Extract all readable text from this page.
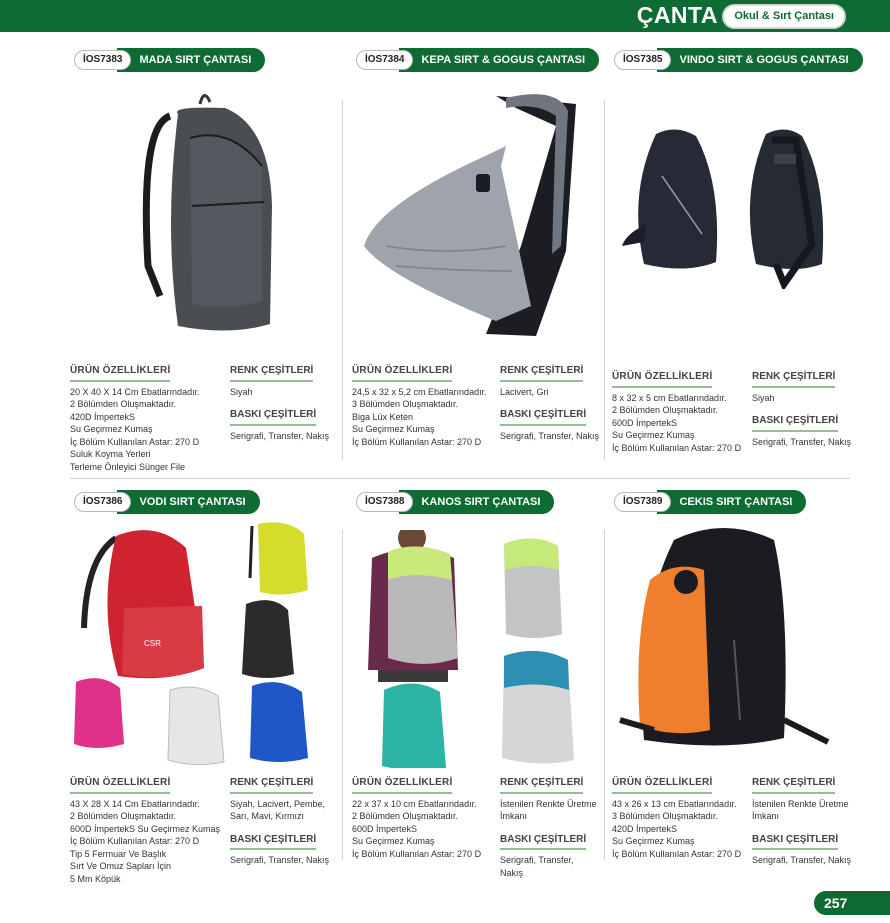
ÇANTA	Okul & Sırt Çantası
İOS7383	MADA SIRT ÇANTASI
ÜRÜN ÖZELLİKLERİ
20 X 40 X 14 Cm Ebatlarındadır.
2 Bölümden Oluşmaktadır.
420D İmpertekS
Su Geçirmez Kumaş
İç Bölüm Kullanılan Astar: 270 D
Suluk Koyma Yerleri
Terleme Önleyici Sünger File
RENK ÇEŞİTLERİ
Siyah
BASKI ÇEŞİTLERİ
Serigrafi, Transfer, Nakış
İOS7384	KEPA SIRT & GOGUS ÇANTASI
ÜRÜN ÖZELLİKLERİ
24,5 x 32 x 5,2 cm Ebatlarındadır.
3 Bölümden Oluşmaktadır.
Biga Lüx Keten
Su Geçirmez Kumaş
İç Bölüm Kullanılan Astar: 270 D
RENK ÇEŞİTLERİ
Lacivert, Gri
BASKI ÇEŞİTLERİ
Serigrafi, Transfer, Nakış
İOS7385	VINDO SIRT & GOGUS ÇANTASI
ÜRÜN ÖZELLİKLERİ
8 x 32 x 5 cm Ebatlarındadır.
2 Bölümden Oluşmaktadır.
600D İmpertekS
Su Geçirmez Kumaş
İç Bölüm Kullanılan Astar: 270 D
RENK ÇEŞİTLERİ
Siyah
BASKI ÇEŞİTLERİ
Serigrafi, Transfer, Nakış
İOS7386	VODI SIRT ÇANTASI
CSR
ÜRÜN ÖZELLİKLERİ
43 X 28 X 14 Cm Ebatlarındadır.
2 Bölümden Oluşmaktadır.
600D İmpertekS Su Geçirmez Kumaş
İç Bölüm Kullanılan Astar: 270 D
Tip 5 Fermuar Ve Başlık
Sırt Ve Omuz Sapları İçin
5 Mm Köpük
RENK ÇEŞİTLERİ
Siyah, Lacivert, Pembe, Sarı, Mavi, Kırmızı
BASKI ÇEŞİTLERİ
Serigrafi, Transfer, Nakış
İOS7388	KANOS SIRT ÇANTASI
ÜRÜN ÖZELLİKLERİ
22 x 37 x 10 cm Ebatlarındadır.
2 Bölümden Oluşmaktadır.
600D İmpertekS
Su Geçirmez Kumaş
İç Bölüm Kullanılan Astar: 270 D
RENK ÇEŞİTLERİ
İstenilen Renkte Üretme İmkanı
BASKI ÇEŞİTLERİ
Serigrafi, Transfer, Nakış
İOS7389	CEKIS SIRT ÇANTASI
ÜRÜN ÖZELLİKLERİ
43 x 26 x 13 cm Ebatlarındadır.
3 Bölümden Oluşmaktadır.
420D İmpertekS
Su Geçirmez Kumaş
İç Bölüm Kullanılan Astar: 270 D
RENK ÇEŞİTLERİ
İstenilen Renkte Üretme İmkanı
BASKI ÇEŞİTLERİ
Serigrafi, Transfer, Nakış
257
